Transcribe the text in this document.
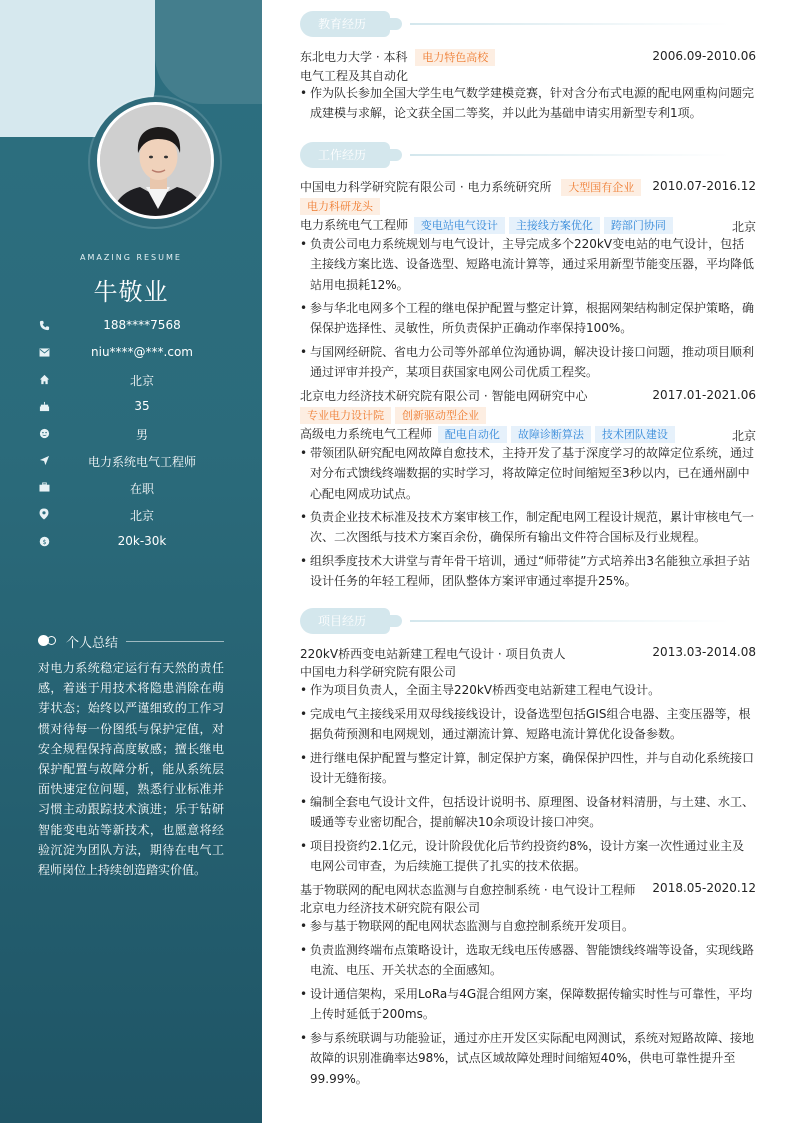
AMAZING RESUME
牛敬业
188****7568
niu****@***.com
北京
35
男
电力系统电气工程师
在职
北京
$	20k-30k
个人总结
对电力系统稳定运行有天然的责任感，着迷于用技术将隐患消除在萌芽状态；始终以严谨细致的工作习惯对待每一份图纸与保护定值，对安全规程保持高度敏感；擅长继电保护配置与故障分析，能从系统层面快速定位问题，熟悉行业标准并习惯主动跟踪技术演进；乐于钻研智能变电站等新技术，也愿意将经验沉淀为团队方法，期待在电气工程师岗位上持续创造踏实价值。
教育经历
东北电力大学 · 本科 电力特色高校	2006.09-2010.06
电气工程及其自动化
• 作为队长参加全国大学生电气数学建模竞赛，针对含分布式电源的配电网重构问题完成建模与求解，论文获全国二等奖，并以此为基础申请实用新型专利1项。
工作经历
中国电力科学研究院有限公司 · 电力系统研究所 大型国有企业	2010.07-2016.12
电力科研龙头
电力系统电气工程师 变电站电气设计 主接线方案优化 跨部门协同	北京
• 负责公司电力系统规划与电气设计，主导完成多个220kV变电站的电气设计，包括主接线方案比选、设备选型、短路电流计算等，通过采用新型节能变压器，平均降低站用电损耗12%。
• 参与华北电网多个工程的继电保护配置与整定计算，根据网架结构制定保护策略，确保保护选择性、灵敏性，所负责保护正确动作率保持100%。
• 与国网经研院、省电力公司等外部单位沟通协调，解决设计接口问题，推动项目顺利通过评审并投产，某项目获国家电网公司优质工程奖。
北京电力经济技术研究院有限公司 · 智能电网研究中心	2017.01-2021.06
专业电力设计院 创新驱动型企业
高级电力系统电气工程师 配电自动化 故障诊断算法 技术团队建设	北京
• 带领团队研究配电网故障自愈技术，主持开发了基于深度学习的故障定位系统，通过对分布式馈线终端数据的实时学习，将故障定位时间缩短至3秒以内，已在通州副中心配电网成功试点。
• 负责企业技术标准及技术方案审核工作，制定配电网工程设计规范，累计审核电气一次、二次图纸与技术方案百余份，确保所有输出文件符合国标及行业规程。
• 组织季度技术大讲堂与青年骨干培训，通过“师带徒”方式培养出3名能独立承担子站设计任务的年轻工程师，团队整体方案评审通过率提升25%。
项目经历
220kV桥西变电站新建工程电气设计 · 项目负责人	2013.03-2014.08
中国电力科学研究院有限公司
• 作为项目负责人，全面主导220kV桥西变电站新建工程电气设计。
• 完成电气主接线采用双母线接线设计，设备选型包括GIS组合电器、主变压器等，根据负荷预测和电网规划，通过潮流计算、短路电流计算优化设备参数。
• 进行继电保护配置与整定计算，制定保护方案，确保保护四性，并与自动化系统接口设计无缝衔接。
• 编制全套电气设计文件，包括设计说明书、原理图、设备材料清册，与土建、水工、暖通等专业密切配合，提前解决10余项设计接口冲突。
• 项目投资约2.1亿元，设计阶段优化后节约投资约8%，设计方案一次性通过业主及电网公司审查，为后续施工提供了扎实的技术依据。
基于物联网的配电网状态监测与自愈控制系统 · 电气设计工程师	2018.05-2020.12
北京电力经济技术研究院有限公司
• 参与基于物联网的配电网状态监测与自愈控制系统开发项目。
• 负责监测终端布点策略设计，选取无线电压传感器、智能馈线终端等设备，实现线路电流、电压、开关状态的全面感知。
• 设计通信架构，采用LoRa与4G混合组网方案，保障数据传输实时性与可靠性，平均上传时延低于200ms。
• 参与系统联调与功能验证，通过亦庄开发区实际配电网测试，系统对短路故障、接地故障的识别准确率达98%，试点区域故障处理时间缩短40%，供电可靠性提升至99.99%。
